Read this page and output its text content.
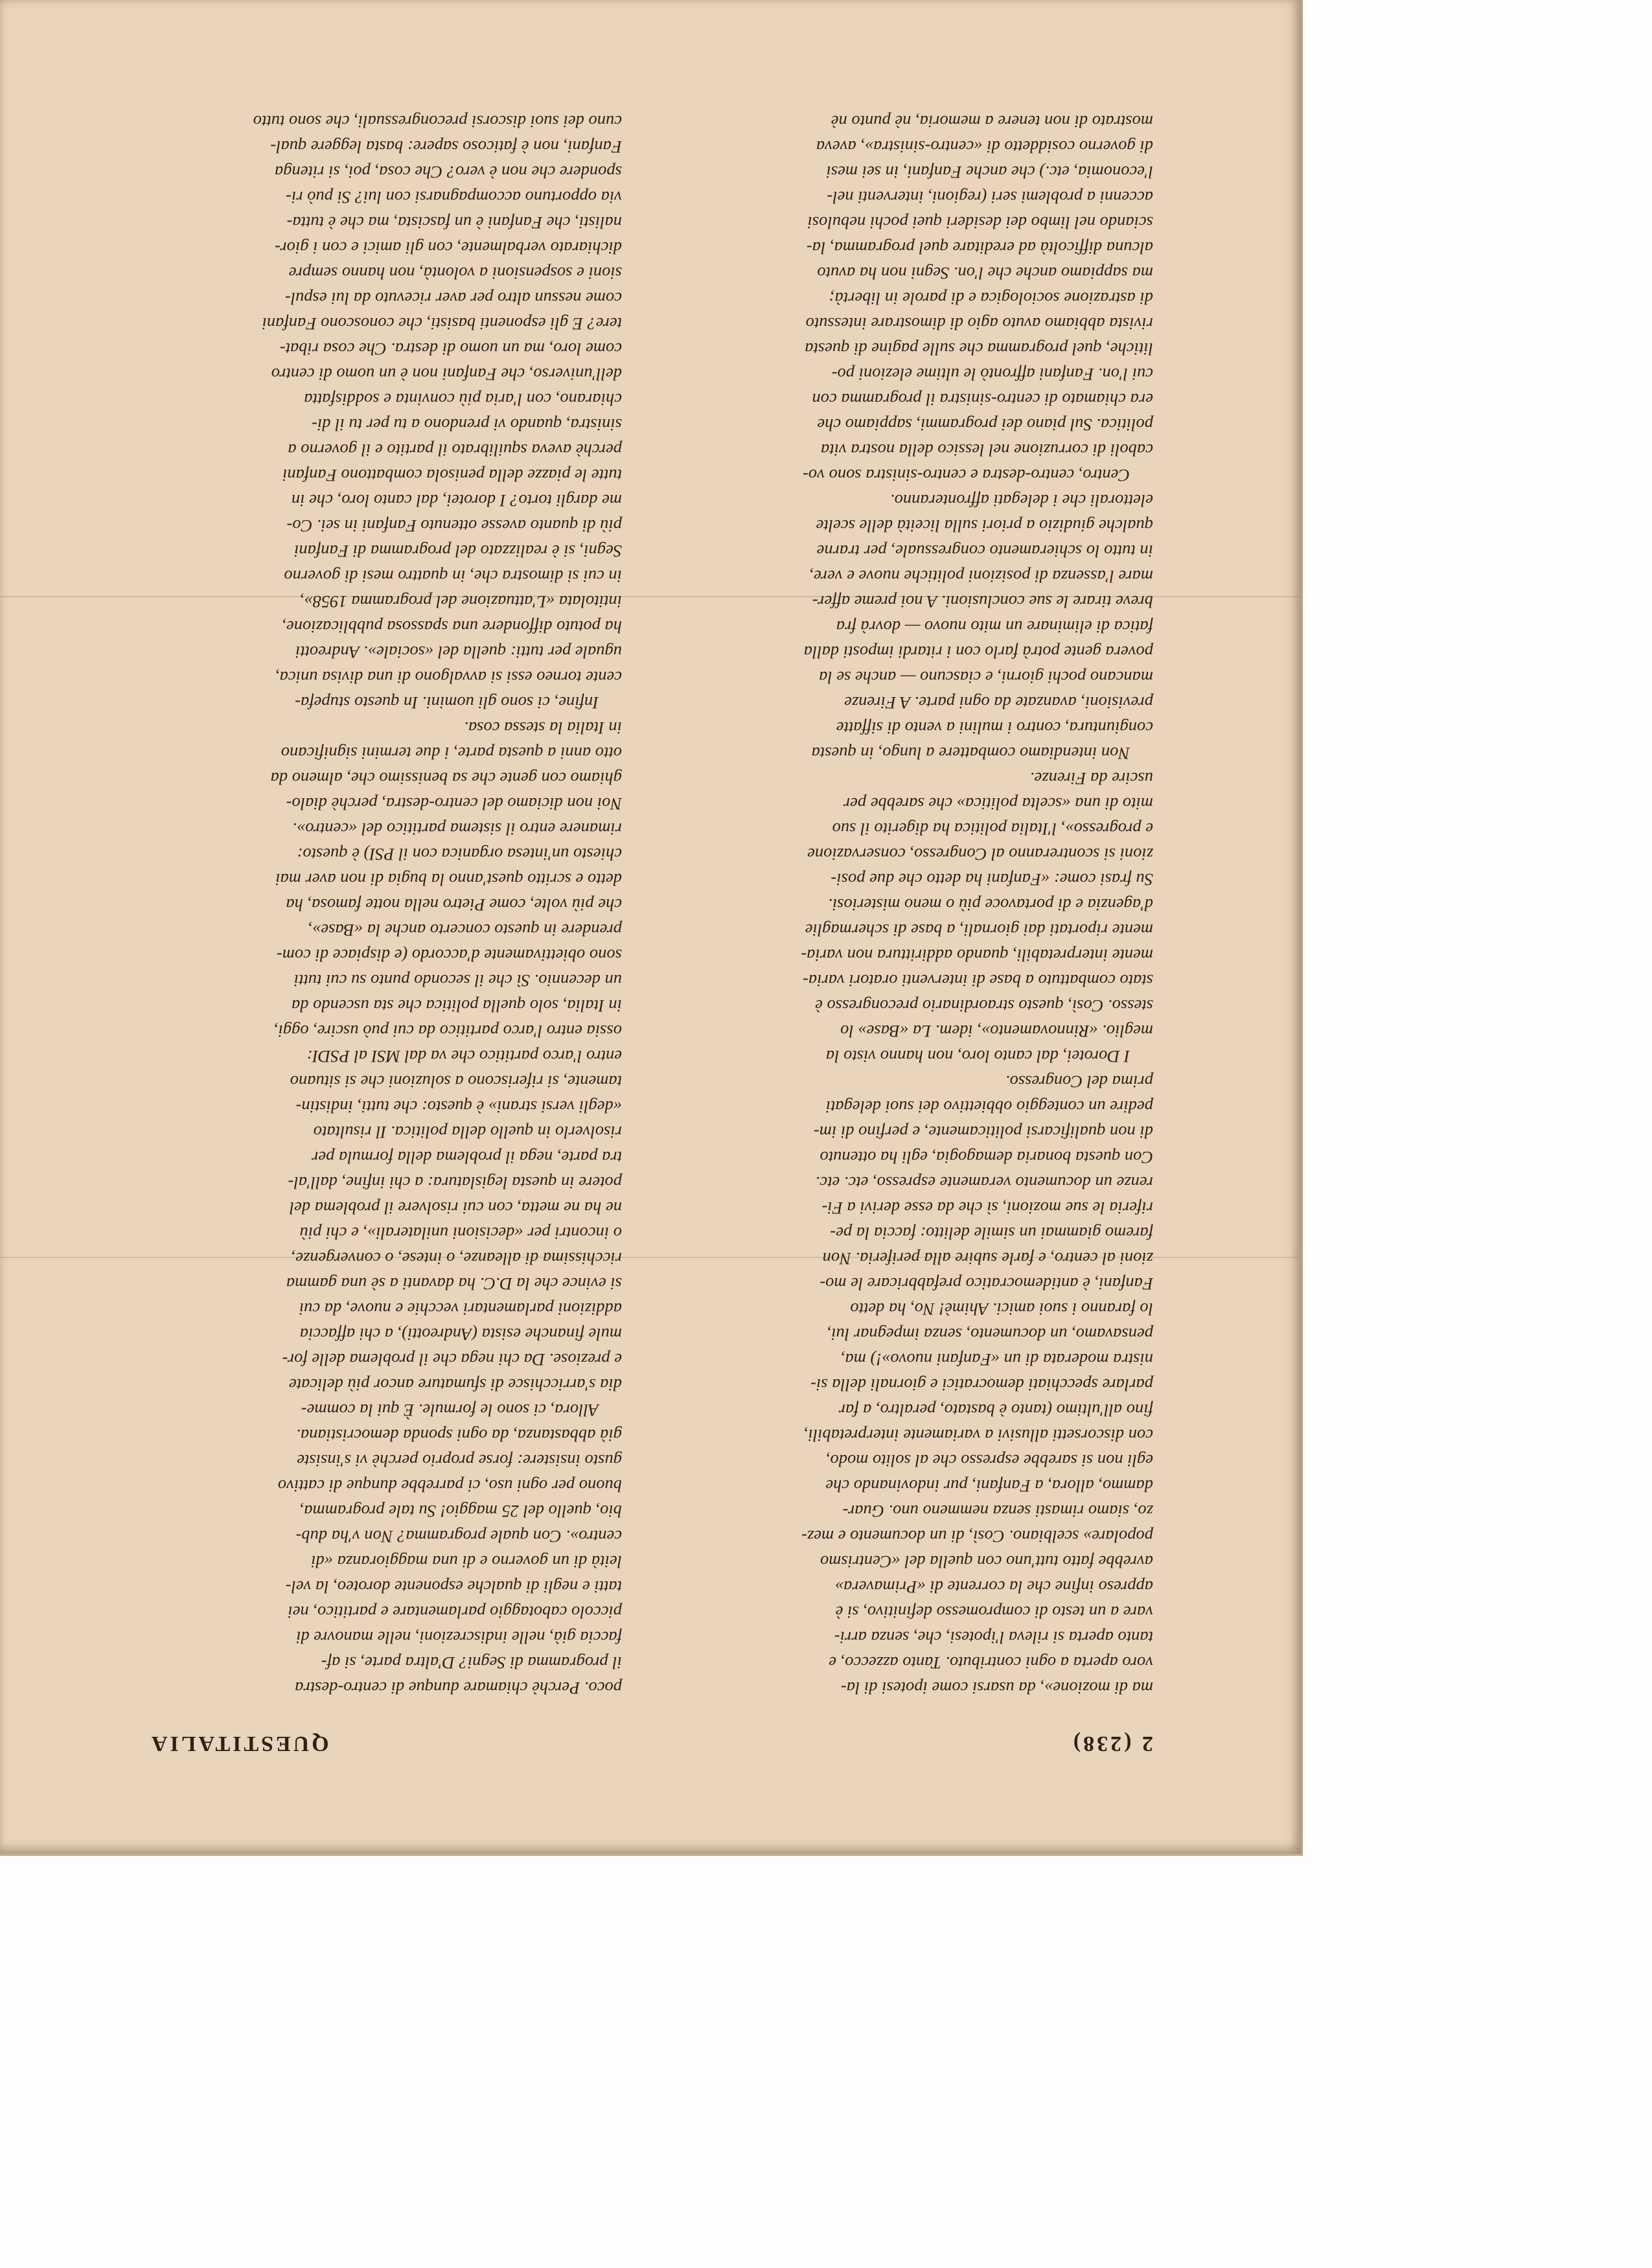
2 (238)
QUESTITALIA

ma di mozione», da usarsi come ipotesi di la-
voro aperta a ogni contributo. Tanto azzecco, e
tanto aperta si rileva l'ipotesi, che, senza arri-
vare a un testo di compromesso definitivo, si è
appreso infine che la corrente di «Primavera»
avrebbe fatto tutt'uno con quella del «Centrismo
popolare» scelbiano. Così, di un documento e mez-
zo, siamo rimasti senza nemmeno uno. Guar-
dammo, allora, a Fanfani, pur indovinando che
egli non si sarebbe espresso che al solito modo,
con discorsetti allusivi a variamente interpretabili,
fino all'ultimo (tanto è bastato, peraltro, a far
parlare specchiati democratici e giornali della si-
nistra moderata di un «Fanfani nuovo»!) ma,
pensavamo, un documento, senza impegnar lui,
lo faranno i suoi amici. Ahimè! No, ha detto
Fanfani, è antidemocratico prefabbricare le mo-
zioni al centro, e farle subire alla periferia. Non
faremo giammai un simile delitto: faccia la pe-
riferia le sue mozioni, sì che da esse derivi a Fi-
renze un documento veramente espresso, etc. etc.
Con questa bonaria demagogia, egli ha ottenuto
di non qualificarsi politicamente, e perfino di im-
pedire un conteggio obbiettivo dei suoi delegati
prima del Congresso.

I Dorotei, dal canto loro, non hanno visto la
meglio. «Rinnovamento», idem. La «Base» lo
stesso. Così, questo straordinario precongresso è
stato combattuto a base di interventi oratori varia-
mente interpretabili, quando addirittura non varia-
mente riportati dai giornali, a base di schermaglie
d'agenzia e di portavoce più o meno misteriosi.
Su frasi come: «Fanfani ha detto che due posi-
zioni si scontreranno al Congresso, conservazione
e progresso», l'Italia politica ha digerito il suo
mito di una «scelta politica» che sarebbe per
uscire da Firenze.

Non intendiamo combattere a lungo, in questa
congiuntura, contro i mulini a vento di siffatte
previsioni, avanzate da ogni parte. A Firenze
mancano pochi giorni, e ciascuno — anche se la
povera gente potrà farlo con i ritardi imposti dalla
fatica di eliminare un mito nuovo — dovrà fra
breve tirare le sue conclusioni. A noi preme affer-
mare l'assenza di posizioni politiche nuove e vere,
in tutto lo schieramento congressuale, per trarne
qualche giudizio a priori sulla liceità delle scelte
elettorali che i delegati affronteranno.

Centro, centro-destra e centro-sinistra sono vo-
caboli di corruzione nel lessico della nostra vita
politica. Sul piano dei programmi, sappiamo che
era chiamato di centro-sinistra il programma con
cui l'on. Fanfani affrontò le ultime elezioni po-
litiche, quel programma che sulle pagine di questa
rivista abbiamo avuto agio di dimostrare intessuto
di astrazione sociologica e di parole in libertà;
ma sappiamo anche che l'on. Segni non ha avuto
alcuna difficoltà ad ereditare quel programma, la-
sciando nel limbo dei desideri quei pochi nebulosi
accenni a problemi seri (regioni, interventi nel-
l'economia, etc.) che anche Fanfani, in sei mesi
di governo cosiddetto di «centro-sinistra», aveva
mostrato di non tenere a memoria, nè punto nè

poco. Perchè chiamare dunque di centro-destra
il programma di Segni? D'altra parte, si af-
faccia già, nelle indiscrezioni, nelle manovre di
piccolo cabotaggio parlamentare e partitico, nei
tatti e negli di qualche esponente doroteo, la vel-
leità di un governo e di una maggioranza «di
centro». Con quale programma? Non v'ha dub-
bio, quello del 25 maggio! Su tale programma,
buono per ogni uso, ci parrebbe dunque di cattivo
gusto insistere: forse proprio perchè vi s'insiste
già abbastanza, da ogni sponda democristiana.

Allora, ci sono le formule. È qui la comme-
dia s'arricchisce di sfumature ancor più delicate
e preziose. Da chi nega che il problema delle for-
mule finanche esista (Andreotti), a chi affaccia
addizioni parlamentari vecchie e nuove, da cui
si evince che la D.C. ha davanti a sè una gamma
ricchissima di alleanze, o intese, o convergenze,
o incontri per «decisioni unilaterali», e chi più
ne ha ne metta, con cui risolvere il problema del
potere in questa legislatura: a chi infine, dall'al-
tra parte, nega il problema della formula per
risolverlo in quello della politica. Il risultato
«degli versi strani» è questo: che tutti, indistin-
tamente, si riferiscono a soluzioni che si situano
entro l'arco partitico che va dal MSI al PSDI:
ossia entro l'arco partitico da cui può uscire, oggi,
in Italia, solo quella politica che sta uscendo da
un decennio. Sì che il secondo punto su cui tutti
sono obiettivamente d'accordo (e dispiace di com-
prendere in questo concerto anche la «Base»,
che più volte, come Pietro nella notte famosa, ha
detto e scritto quest'anno la bugia di non aver mai
chiesto un'intesa organica con il PSI) è questo:
rimanere entro il sistema partitico del «centro».
Noi non diciamo del centro-destra, perchè dialo-
ghiamo con gente che sa benissimo che, almeno da
otto anni a questa parte, i due termini significano
in Italia la stessa cosa.

Infine, ci sono gli uomini. In questo stupefa-
cente torneo essi si avvalgono di una divisa unica,
uguale per tutti: quella del «sociale». Andreotti
ha potuto diffondere una spassosa pubblicazione,
intitolata «L'attuazione del programma 1958»,
in cui si dimostra che, in quattro mesi di governo
Segni, si è realizzato del programma di Fanfani
più di quanto avesse ottenuto Fanfani in sei. Co-
me dargli torto? I dorotei, dal canto loro, che in
tutte le piazze della penisola combattono Fanfani
perchè aveva squilibrato il partito e il governo a
sinistra, quando vi prendono a tu per tu il di-
chiarano, con l'aria più convinta e soddisfatta
dell'universo, che Fanfani non è un uomo di centro
come loro, ma un uomo di destra. Che cosa ribat-
tere? E gli esponenti basisti, che conoscono Fanfani
come nessun altro per aver ricevuto da lui espul-
sioni e sospensioni a volontà, non hanno sempre
dichiarato verbalmente, con gli amici e con i gior-
nalisti, che Fanfani è un fascista, ma che è tutta-
via opportuno accompagnarsi con lui? Si può ri-
spondere che non è vero? Che cosa, poi, si ritenga
Fanfani, non è faticoso sapere: basta leggere qual-
cuno dei suoi discorsi precongressuali, che sono tutto
